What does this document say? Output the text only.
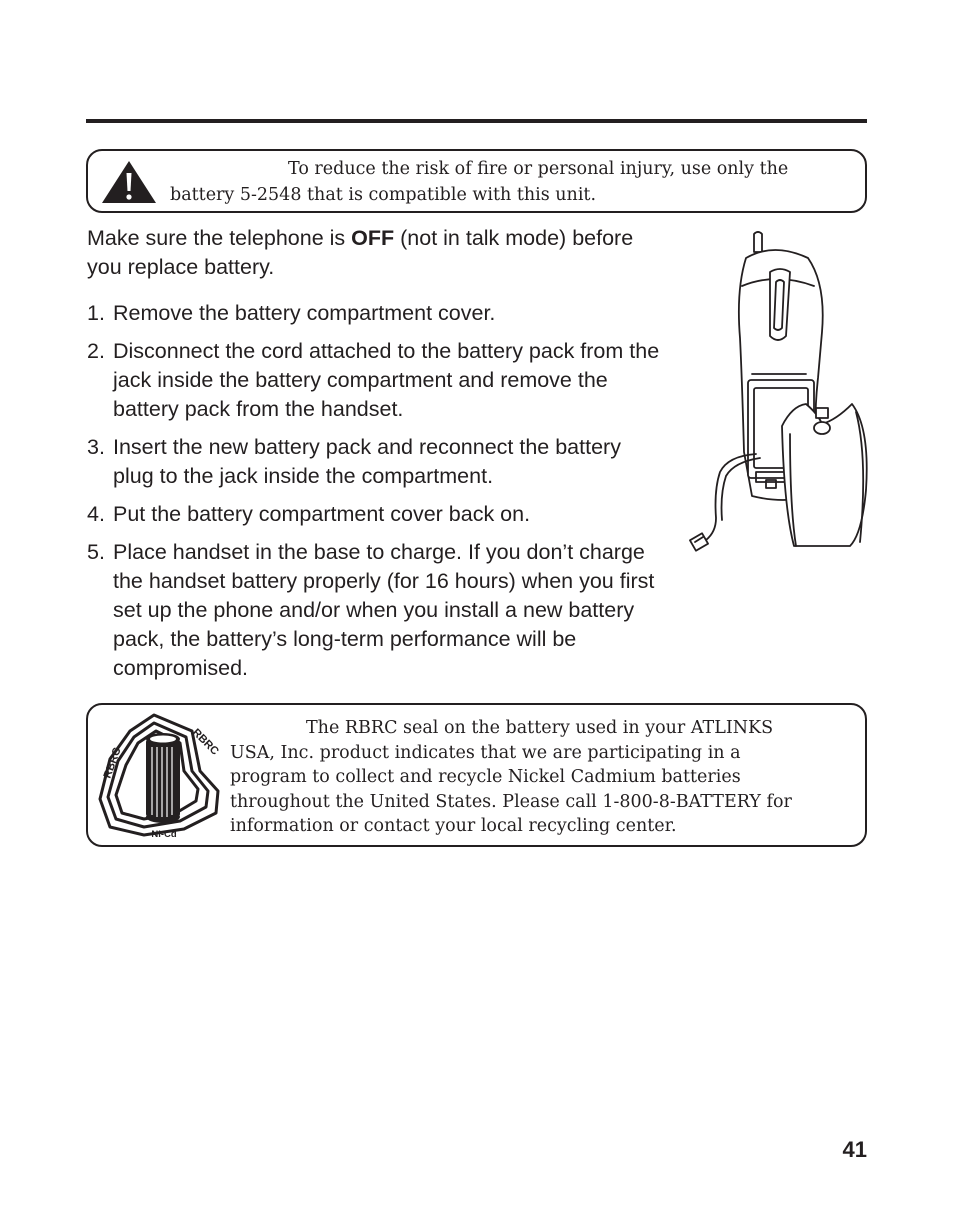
To reduce the risk of fire or personal injury, use only the
battery 5-2548 that is compatible with this unit.

Make sure the telephone is OFF (not in talk mode) before you replace battery.

1. Remove the battery compartment cover.
2. Disconnect the cord attached to the battery pack from the jack inside the battery compartment and remove the battery pack from the handset.
3. Insert the new battery pack and reconnect the battery plug to the jack inside the compartment.
4. Put the battery compartment cover back on.
5. Place handset in the base to charge. If you don’t charge the handset battery properly (for 16 hours) when you first set up the phone and/or when you install a new battery pack, the battery’s long-term performance will be compromised.
RBRC
RBRC
Ni-Cd
The RBRC seal on the battery used in your ATLINKS
USA, Inc. product indicates that we are participating in a
program to collect and recycle Nickel Cadmium batteries
throughout the United States. Please call 1-800-8-BATTERY for
information or contact your local recycling center.
41
